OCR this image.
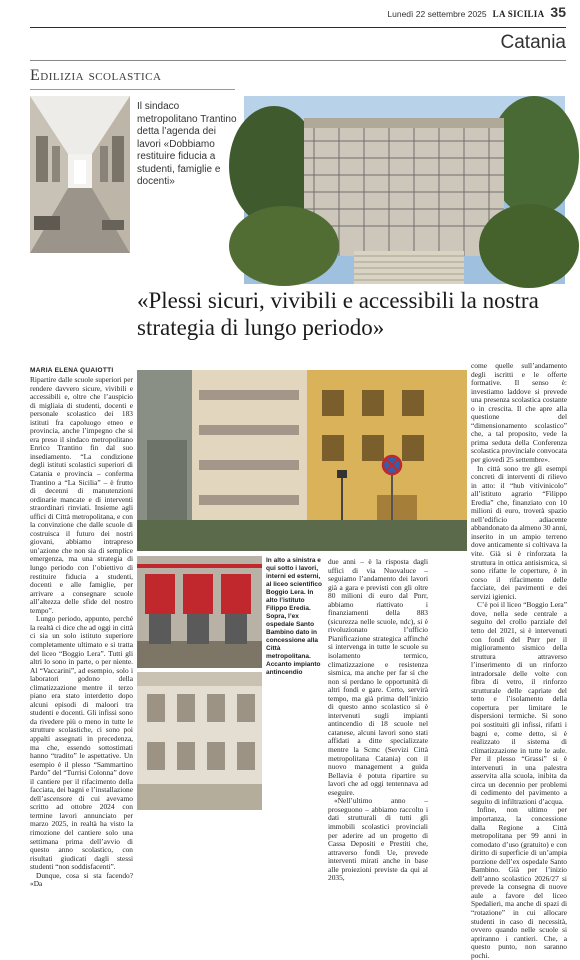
Lunedì 22 settembre 2025 LA SICILIA 35
Catania
Edilizia scolastica
Il sindaco metropolitano Trantino detta l’agenda dei lavori «Dobbiamo restituire fiducia a studenti, famiglie e docenti»
«Plessi sicuri, vivibili e accessibili la nostra strategia di lungo periodo»
MARIA ELENA QUAIOTTI

Ripartire dalle scuole superiori per rendere davvero sicure, vivibili e accessibili e, oltre che l’auspicio di migliaia di studenti, docenti e personale scolastico dei 183 istituti fra capoluogo etneo e provincia, anche l’impegno che si era preso il sindaco metropolitano Enrico Trantino fin dal suo insediamento. “La condizione degli istituti scolastici superiori di Catania e provincia – conferma Trantino a “La Sicilia” – è frutto di decenni di manutenzioni ordinarie mancate e di interventi straordinari rinviati. Insieme agli uffici di Città metropolitana, e con la convinzione che dalle scuole di costruisca il futuro dei nostri giovani, abbiamo intrapreso un’azione che non sia di semplice emergenza, ma una strategia di lungo periodo con l’obiettivo di restituire fiducia a studenti, docenti e alle famiglie, per arrivare a consegnare scuole all’altezza delle sfide del nostro tempo”.

Lungo periodo, appunto, perché la realtà ci dice che ad oggi in città ci sia un solo istituto superiore completamente ultimato e si tratta del liceo “Boggio Lera”. Tutti gli altri lo sono in parte, o per niente. Al “Vaccarini”, ad esempio, solo i laboratori godono della climatizzazione mentre il terzo piano era stato interdetto dopo alcuni episodi di maloori tra studenti e docenti. Gli infissi sono da rivedere più o meno in tutte le strutture scolastiche, ci sono poi appalti assegnati in precedenza, ma che, essendo sottostimati hanno “tradito” le aspettative. Un esempio è il plesso “Sammartino Pardo” del “Turrisi Colonna” dove il cantiere per il rifacimento della facciata, dei bagni e l’installazione dell’ascensore di cui avevamo scritto ad ottobre 2024 con termine lavori annunciato per marzo 2025, in realtà ha visto la rimozione del cantiere solo una settimana prima dell’avvio di questo anno scolastico, con risultati giudicati dagli stessi studenti “non soddisfacenti”.

Dunque, cosa si sta facendo? «Da

In alto a sinistra e qui sotto i lavori, interni ed esterni, al liceo scientifico Boggio Lera. In alto l’istituto Filippo Eredia. Sopra, l’ex ospedale Santo Bambino dato in concessione alla Città metropolitana. Accanto impianto antincendio

due anni – è la risposta dagli uffici di via Nuovaluce – seguiamo l’andamento dei lavori già a gara e previsti con gli oltre 80 milioni di euro dal Pnrr, abbiamo riattivato i finanziamenti della 883 (sicurezza nelle scuole, ndc), si è rivoluzionato l’ufficio Pianificazione strategica affinché si intervenga in tutte le scuole su isolamento termico, climatizzazione e resistenza sismica, ma anche per far sì che non si perdano le opportunità di altri fondi e gare. Certo, servirà tempo, ma già prima dell’inizio di questo anno scolastico si è intervenuti sugli impianti antincendio di 18 scuole nel catanese, alcuni lavori sono stati affidati a ditte specializzate mentre la Scmc (Servizi Città metropolitana Catania) con il nuovo management a guida Bellavia è potuta ripartire su lavori che ad oggi tentennava ad eseguire.

«Nell’ultimo anno – proseguono – abbiamo raccolto i dati strutturali di tutti gli immobili scolastici provinciali per aderire ad un progetto di Cassa Depositi e Prestiti che, attraverso fondi Ue, prevede interventi mirati anche in base alle proiezioni previste da qui al 2035,

come quelle sull’andamento degli iscritti e le offerte formative. Il senso è: investiamo laddove si prevede una presenza scolastica costante o in crescita. Il che apre alla questione del “dimensionamento scolastico” che, a tal proposito, vede la prima seduta della Conferenza scolastica provinciale convocata per giovedì 25 settembre».

In città sono tre gli esempi concreti di interventi di rilievo in atto: il “hub vitivinicolo” all’istituto agrario “Filippo Eredia” che, finanziato con 10 milioni di euro, troverà spazio nell’edificio adiacente abbandonato da almeno 30 anni, inserito in un ampio terreno dove anticamente si coltivava la vite. Già si è rinforzata la struttura in ottica antisismica, si sono rifatte le coperture, è in corso il rifacimento delle facciate, dei pavimenti e dei servizi igienici.

C’è poi il liceo “Boggio Lera” dove, nella sede centrale a seguito del crollo parziale del tetto del 2021, si è intervenuti con fondi del Pnrr per il miglioramento sismico della struttura attraverso l’inserimento di un rinforzo intradorsale delle volte con fibra di vetro, il rinforzo strutturale delle capriate del tetto e l’isolamento della copertura per limitare le dispersioni termiche. Si sono poi sostituiti gli infissi, rifatti i bagni e, come detto, si è realizzato il sistema di climatizzazione in tutte le aule. Per il plesso “Grassi” si è intervenuti in una palestra asservita alla scuola, inibita da circa un decennio per problemi di cedimento del pavimento a seguito di infiltrazioni d’acqua.

Infine, non ultimo per importanza, la concessione dalla Regione a Città metropolitana per 99 anni in comodato d’uso (gratuito) e con diritto di superficie di un’ampia porzione dell’ex ospedale Santo Bambino. Già per l’inizio dell’anno scolastico 2026/27 si prevede la consegna di nuove aule a favore del liceo Spedalieri, ma anche di spazi di “rotazione” in cui allocare studenti in caso di necessità, ovvero quando nelle scuole si apriranno i cantieri. Che, a questo punto, non saranno pochi.
